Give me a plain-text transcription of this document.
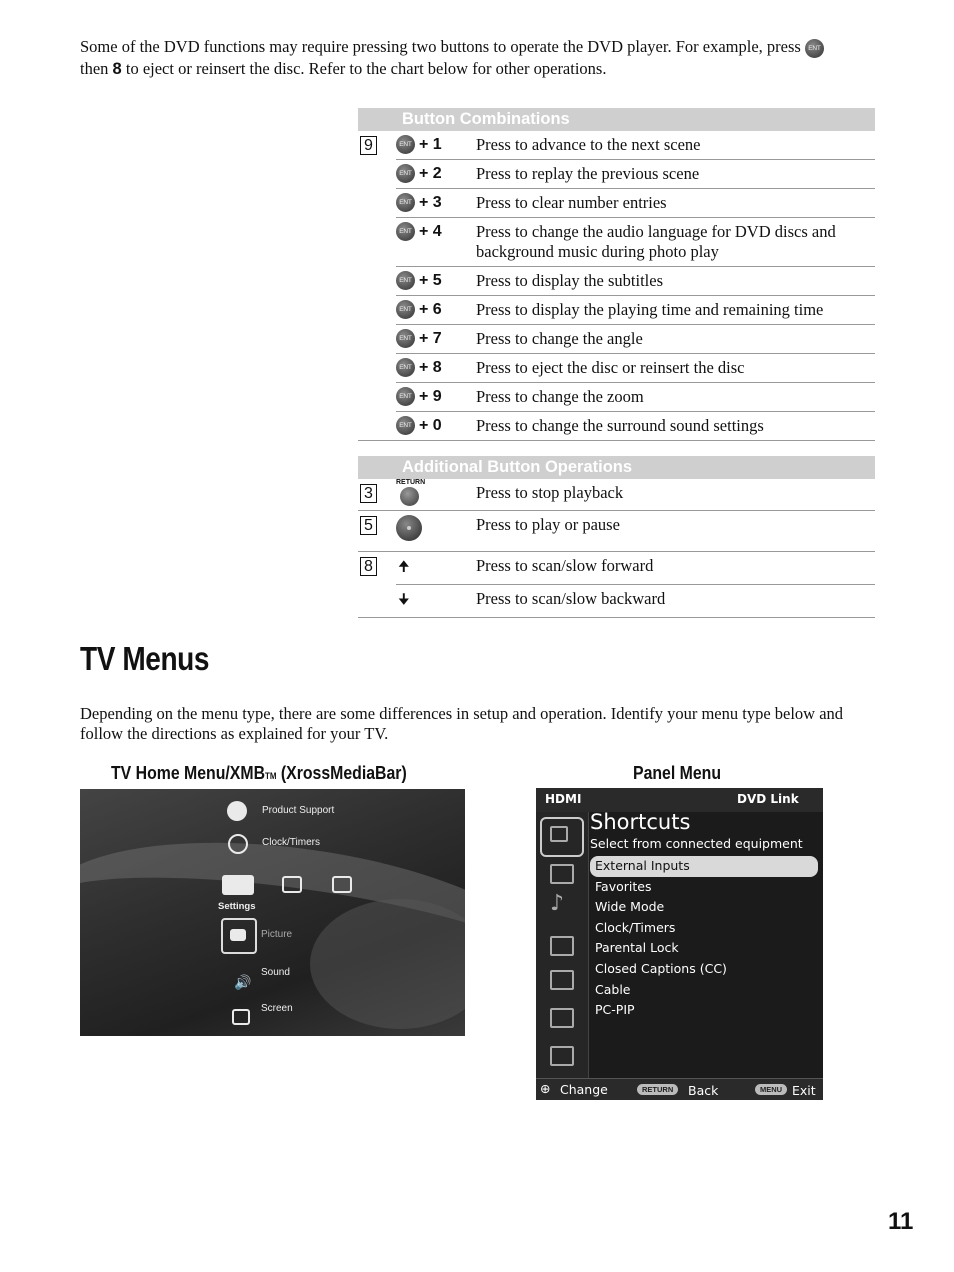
Some of the DVD functions may require pressing two buttons to operate the DVD player. For example, press ENT
then 8 to eject or reinsert the disc. Refer to the chart below for other operations.
Button Combinations		
9	ENT + 1	Press to advance to the next scene
	ENT + 2	Press to replay the previous scene
	ENT + 3	Press to clear number entries
	ENT + 4	Press to change the audio language for DVD discs and background music during photo play
	ENT + 5	Press to display the subtitles
	ENT + 6	Press to display the playing time and remaining time
	ENT + 7	Press to change the angle
	ENT + 8	Press to eject the disc or reinsert the disc
	ENT + 9	Press to change the zoom
	ENT + 0	Press to change the surround sound settings
Additional Button Operations		
3	RETURN	Press to stop playback
5		Press to play or pause
8	🠉	Press to scan/slow forward
	🠋	Press to scan/slow backward
TV Menus
Depending on the menu type, there are some differences in setup and operation. Identify your menu type below and follow the directions as explained for your TV.
TV Home Menu/XMBTM (XrossMediaBar)	Panel Menu
Product Support
Clock/Timers
Settings
Picture
🔊
Sound
Screen
HDMI	DVD Link
♪
Shortcuts
Select from connected equipment
External Inputs
Favorites
Wide Mode
Clock/Timers
Parental Lock
Closed Captions (CC)
Cable
PC-PIP
⊕ Change	RETURN	Back	MENU Exit
11
